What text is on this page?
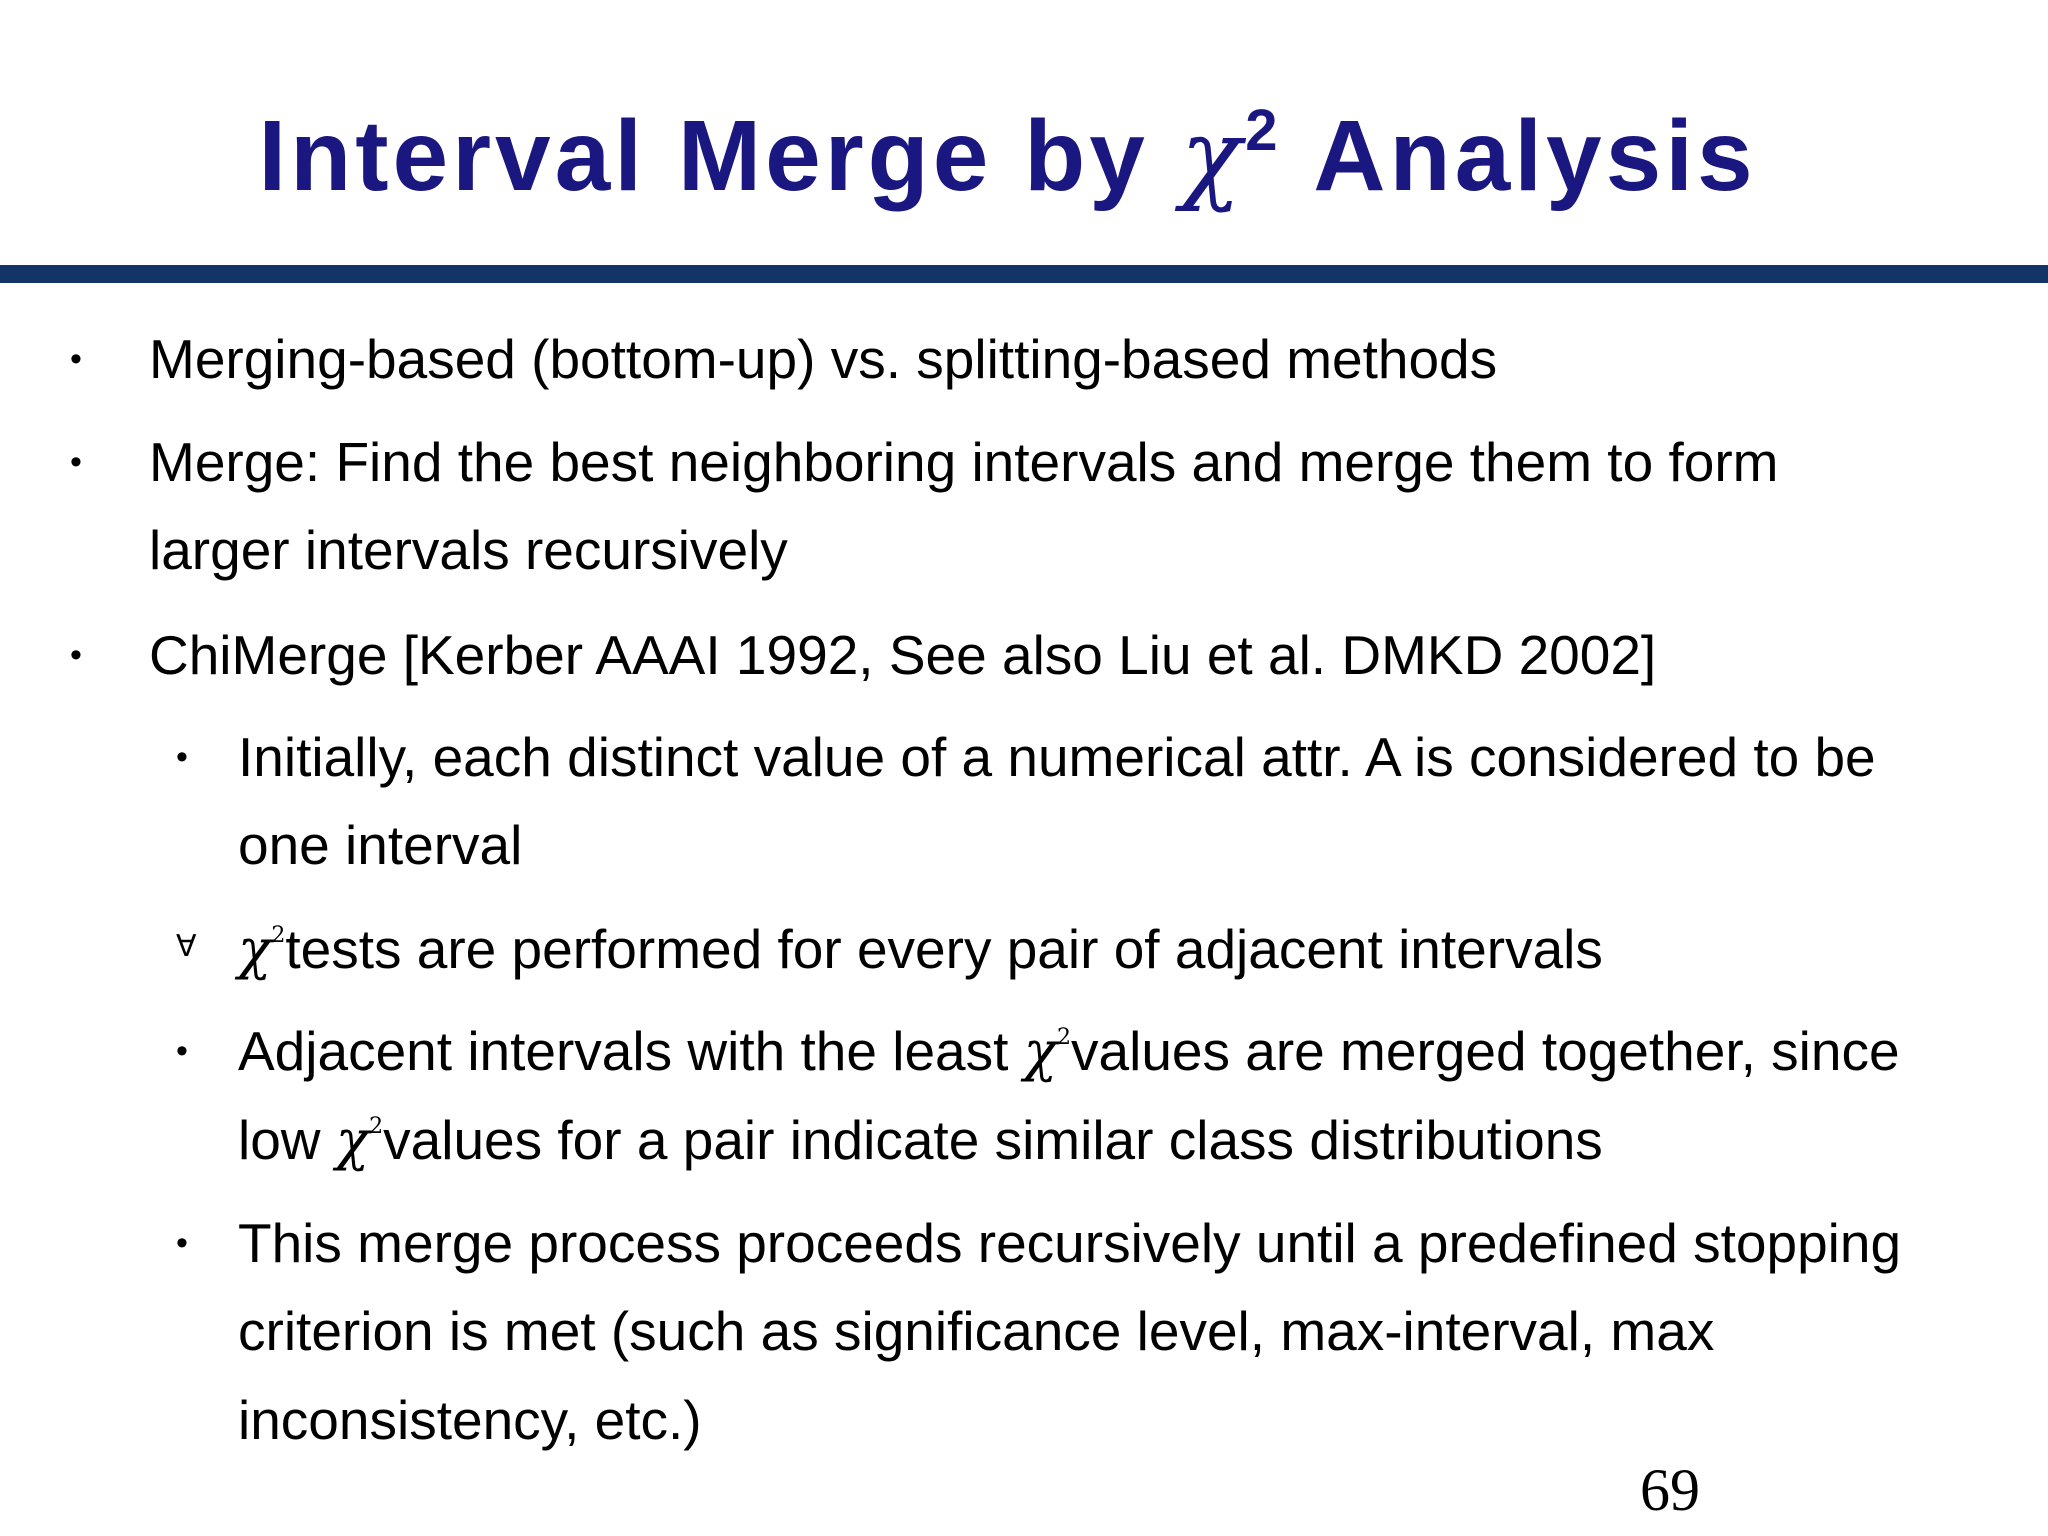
Interval Merge by $\chi^2$ Analysis
• Merging-based (bottom-up) vs. splitting-based methods
• Merge: Find the best neighboring intervals and merge them to form
larger intervals recursively
• ChiMerge [Kerber AAAI 1992, See also Liu et al. DMKD 2002]
• Initially, each distinct value of a numerical attr. A is considered to be
one interval
∀ $\chi^2tests$ are performed for every pair of adjacent intervals
• Adjacent intervals with the least $\chi^2values$ are merged together, since
low $\chi^2values$ for a pair indicate similar class distributions
• This merge process proceeds recursively until a predefined stopping
criterion is met (such as significance level, max-interval, max
inconsistency, etc.)
69
